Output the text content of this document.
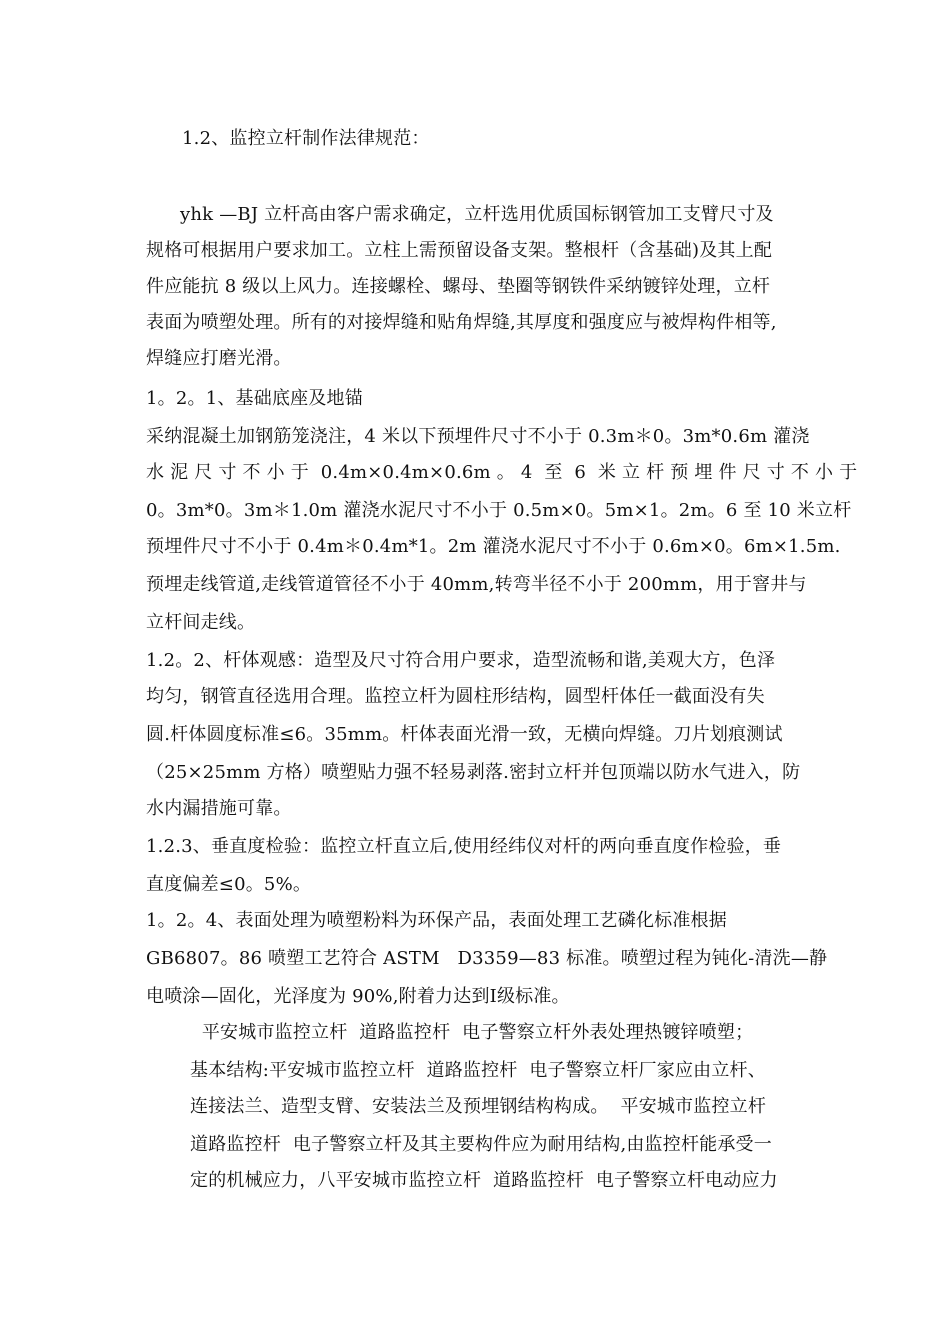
1.2、监控立杆制作法律规范：

yhk —BJ 立杆高由客户需求确定，立杆选用优质国标钢管加工支臂尺寸及

规格可根据用户要求加工。立柱上需预留设备支架。整根杆（含基础)及其上配

件应能抗 8 级以上风力。连接螺栓、螺母、垫圈等钢铁件采纳镀锌处理，立杆

表面为喷塑处理。所有的对接焊缝和贴角焊缝,其厚度和强度应与被焊构件相等,

焊缝应打磨光滑。

1。2。1、基础底座及地锚

采纳混凝土加钢筋笼浇注，4 米以下预埋件尺寸不小于 0.3m＊0。3m*0.6m 灌浇

水 泥 尺 寸 不 小 于  0.4m×0.4m×0.6m 。 4  至  6  米 立 杆 预 埋 件 尺 寸 不 小 于

0。3m*0。3m＊1.0m 灌浇水泥尺寸不小于 0.5m×0。5m×1。2m。6 至 10 米立杆

预埋件尺寸不小于 0.4m＊0.4m*1。2m 灌浇水泥尺寸不小于 0.6m×0。6m×1.5m.

预埋走线管道,走线管道管径不小于 40mm,转弯半径不小于 200mm，用于窨井与

立杆间走线。

1.2。2、杆体观感：造型及尺寸符合用户要求，造型流畅和谐,美观大方，色泽

均匀，钢管直径选用合理。监控立杆为圆柱形结构，圆型杆体任一截面没有失

圆.杆体圆度标准≤6。35mm。杆体表面光滑一致，无横向焊缝。刀片划痕测试

（25×25mm 方格）喷塑贴力强不轻易剥落.密封立杆并包顶端以防水气进入，防

水内漏措施可靠。

1.2.3、垂直度检验：监控立杆直立后,使用经纬仪对杆的两向垂直度作检验，垂

直度偏差≤0。5%。

1。2。4、表面处理为喷塑粉料为环保产品，表面处理工艺磷化标准根据

GB6807。86 喷塑工艺符合 ASTM   D3359—83 标准。喷塑过程为钝化-清洗—静

电喷涂—固化，光泽度为 90%,附着力达到Ⅰ级标准。

平安城市监控立杆  道路监控杆  电子警察立杆外表处理热镀锌喷塑；

基本结构:平安城市监控立杆  道路监控杆  电子警察立杆厂家应由立杆、

连接法兰、造型支臂、安装法兰及预埋钢结构构成。  平安城市监控立杆

道路监控杆  电子警察立杆及其主要构件应为耐用结构,由监控杆能承受一

定的机械应力，八平安城市监控立杆  道路监控杆  电子警察立杆电动应力
